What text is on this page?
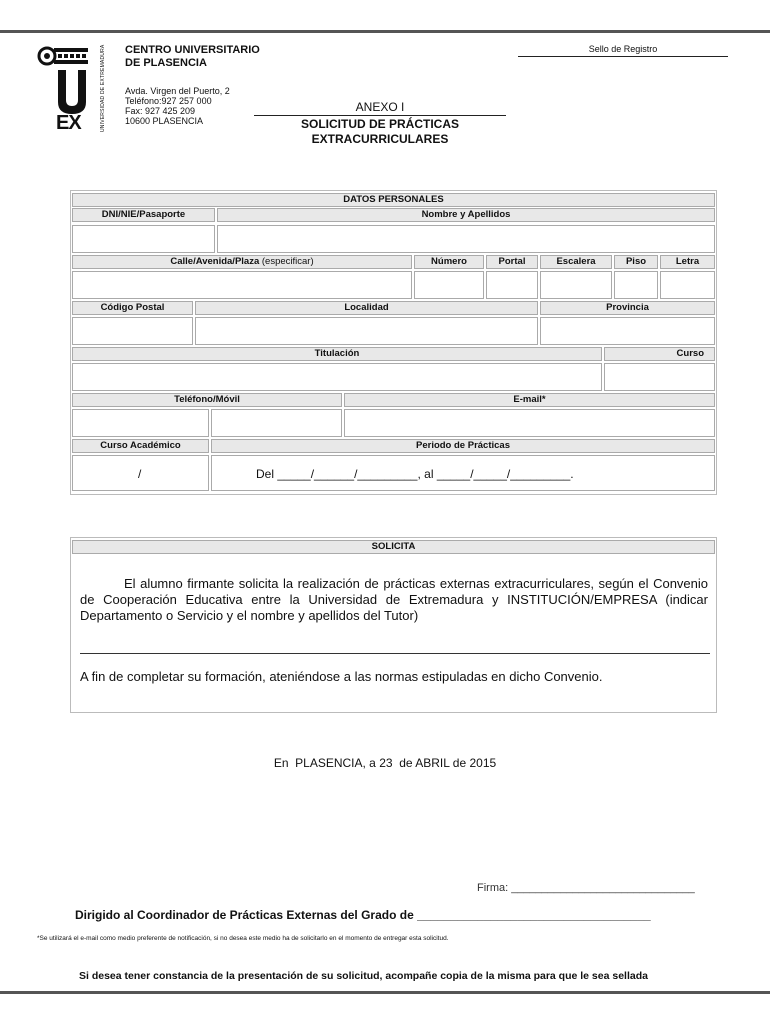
EX	UNIVERSIDAD DE EXTREMADURA	CENTRO UNIVERSITARIO
DE PLASENCIA
Avda. Virgen del Puerto, 2
Teléfono:927 257 000
Fax: 927 425 209
10600 PLASENCIA
Sello de Registro
ANEXO I
SOLICITUD DE PRÁCTICAS
EXTRACURRICULARES
DATOS PERSONALES
DNI/NIE/Pasaporte	Nombre y Apellidos
Calle/Avenida/Plaza (especificar)	Número	Portal	Escalera	Piso	Letra
Código Postal	Localidad	Provincia
Titulación	Curso
Teléfono/Móvil	E-mail*
Curso Académico	Periodo de Prácticas
/	Del _____/______/_________, al _____/_____/_________.
SOLICITA
El alumno firmante solicita la realización de prácticas externas extracurriculares, según el Convenio de Cooperación Educativa entre la Universidad de Extremadura y INSTITUCIÓN/EMPRESA (indicar Departamento o Servicio y el nombre y apellidos del Tutor)
A fin de completar su formación, ateniéndose a las normas estipuladas en dicho Convenio.
En  PLASENCIA, a 23  de ABRIL de 2015
Firma: ______________________________
Dirigido al Coordinador de Prácticas Externas del Grado de ___________________________________
*Se utilizará el e-mail como medio preferente de notificación, si no desea este medio ha de solicitarlo en el momento de entregar esta solicitud.
Si desea tener constancia de la presentación de su solicitud, acompañe copia de la misma para que le sea sellada
